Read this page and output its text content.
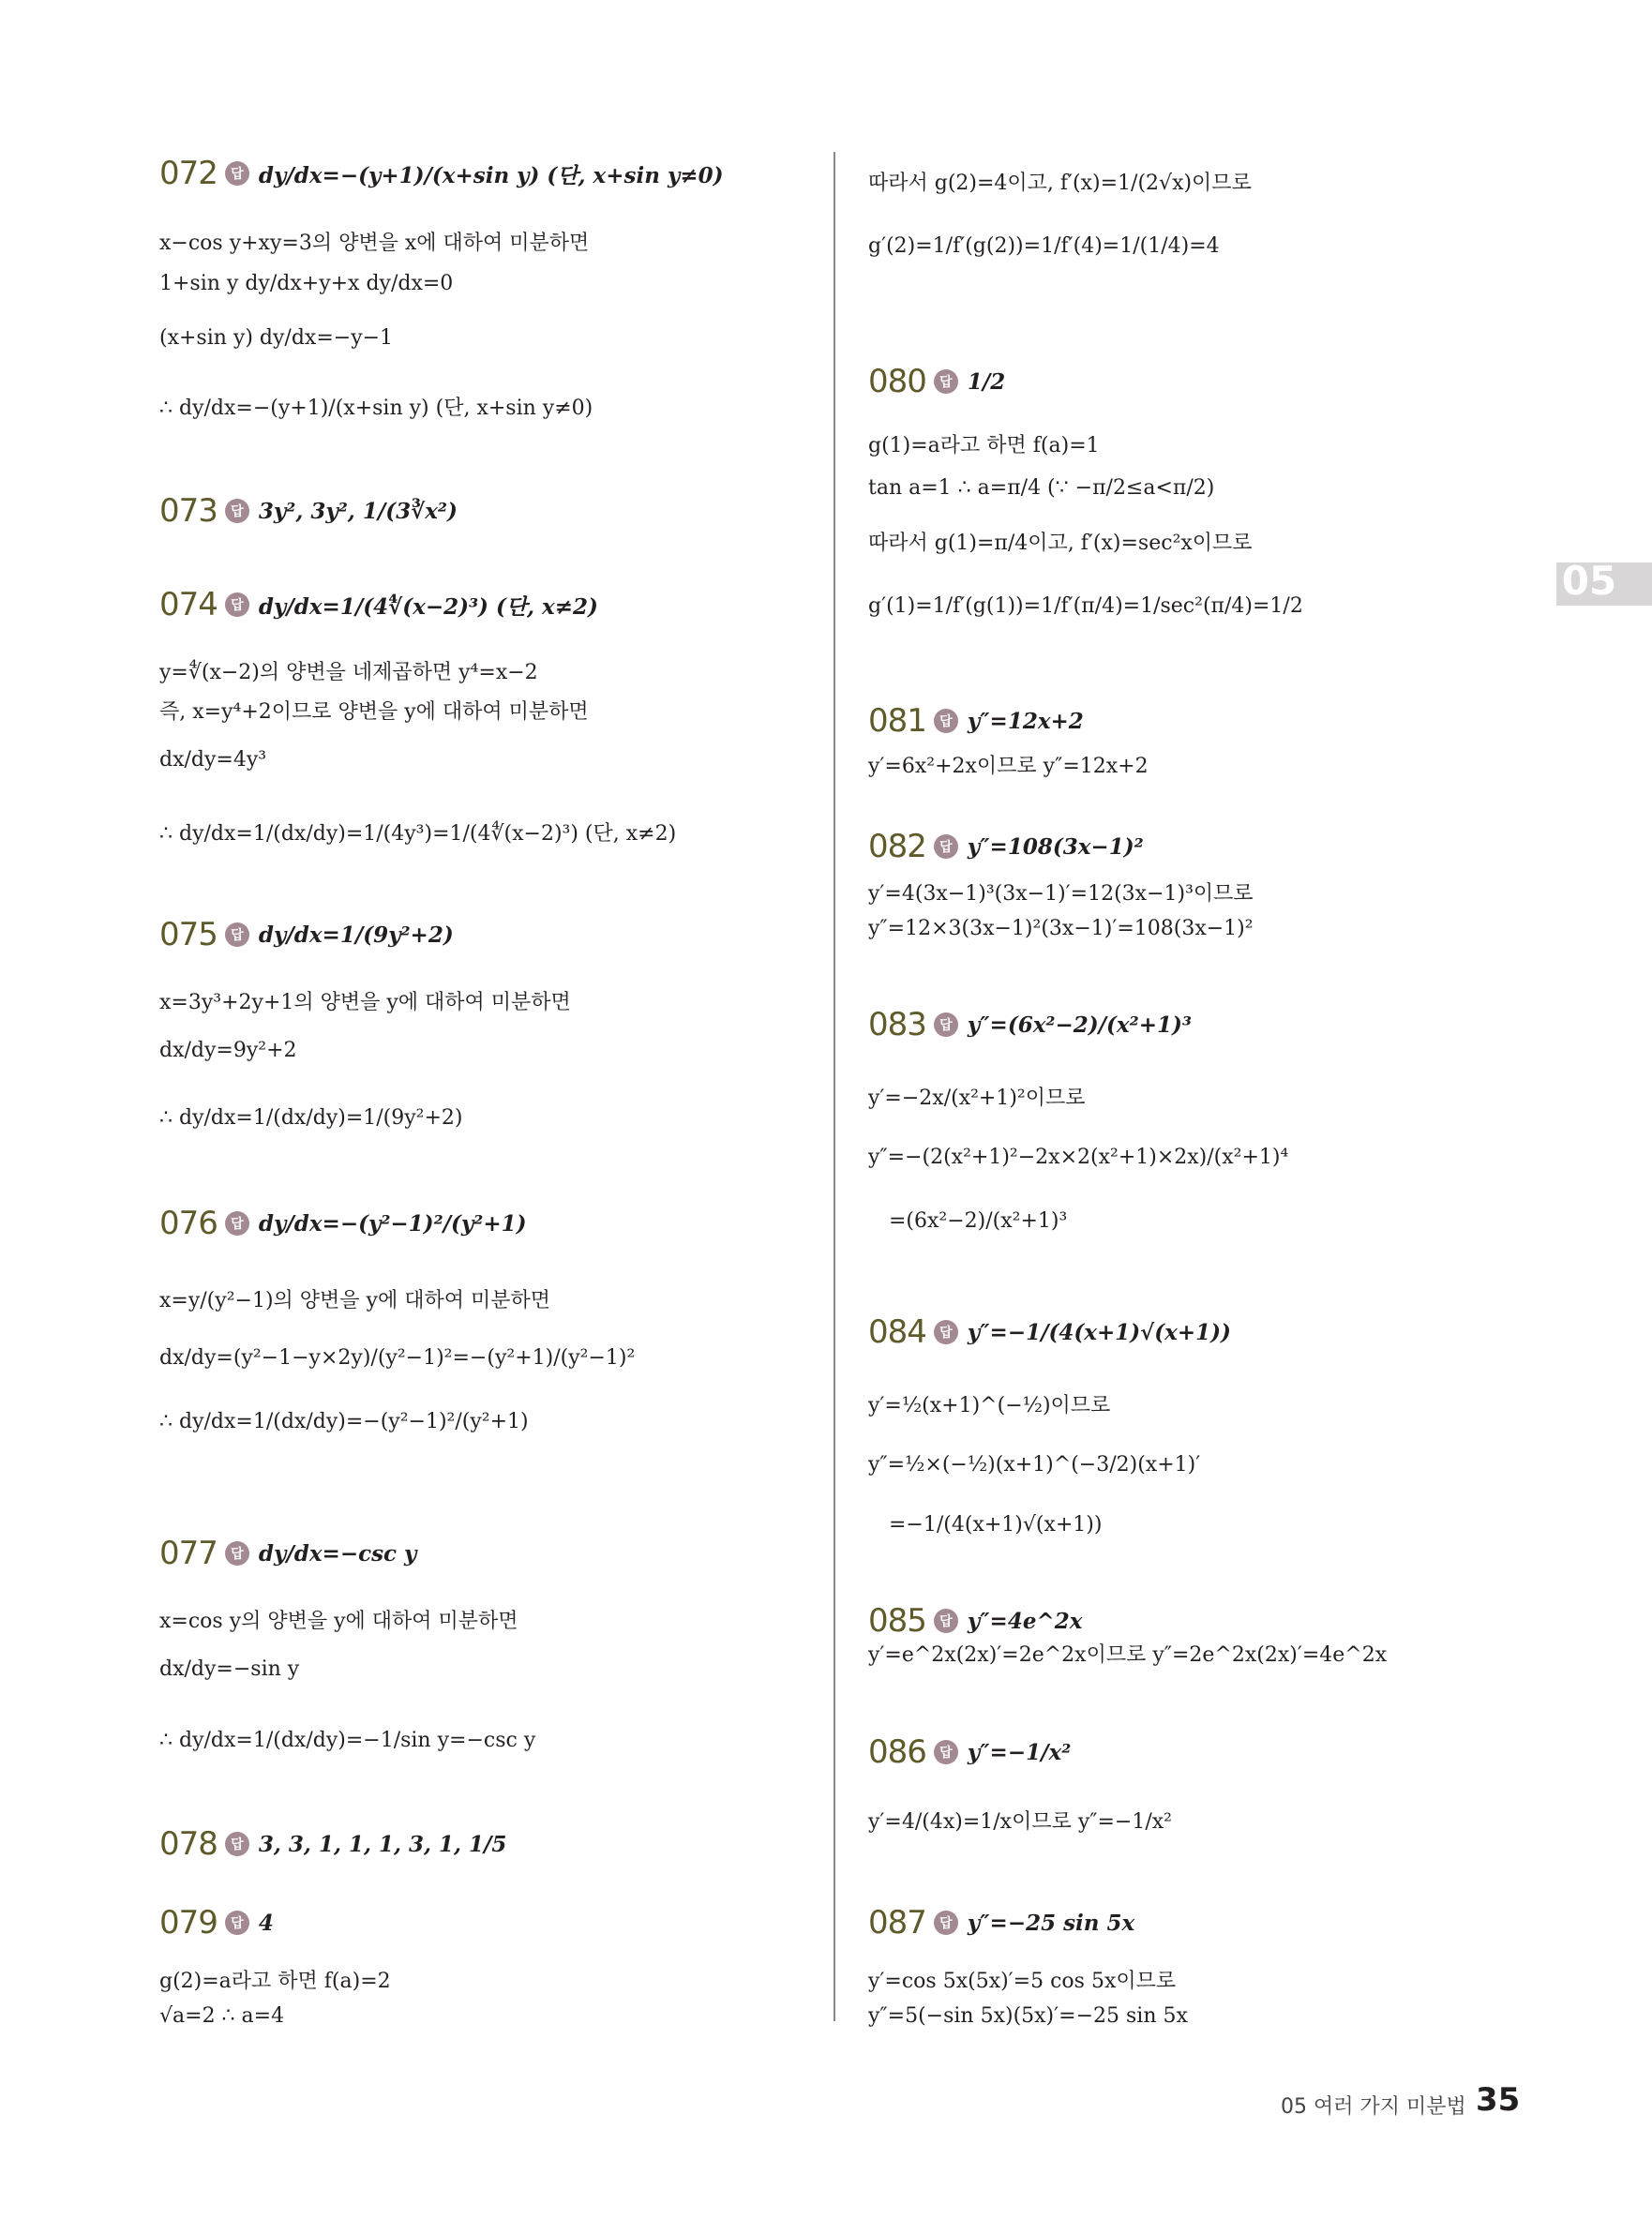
05
072	답 dy/dx=−(y+1)/(x+sin y) (단, x+sin y≠0)
x−cos y+xy=3의 양변을 x에 대하여 미분하면
1+sin y dy/dx+y+x dy/dx=0
(x+sin y) dy/dx=−y−1
∴ dy/dx=−(y+1)/(x+sin y) (단, x+sin y≠0)
073	답 3y², 3y², 1/(3∛x²)
074	답 dy/dx=1/(4∜(x−2)³) (단, x≠2)
y=∜(x−2)의 양변을 네제곱하면 y⁴=x−2
즉, x=y⁴+2이므로 양변을 y에 대하여 미분하면
dx/dy=4y³
∴ dy/dx=1/(dx/dy)=1/(4y³)=1/(4∜(x−2)³) (단, x≠2)
075	답 dy/dx=1/(9y²+2)
x=3y³+2y+1의 양변을 y에 대하여 미분하면
dx/dy=9y²+2
∴ dy/dx=1/(dx/dy)=1/(9y²+2)
076	답 dy/dx=−(y²−1)²/(y²+1)
x=y/(y²−1)의 양변을 y에 대하여 미분하면
dx/dy=(y²−1−y×2y)/(y²−1)²=−(y²+1)/(y²−1)²
∴ dy/dx=1/(dx/dy)=−(y²−1)²/(y²+1)
077	답 dy/dx=−csc y
x=cos y의 양변을 y에 대하여 미분하면
dx/dy=−sin y
∴ dy/dx=1/(dx/dy)=−1/sin y=−csc y
078	답 3, 3, 1, 1, 1, 3, 1, 1/5
079	답 4
g(2)=a라고 하면 f(a)=2
√a=2 ∴ a=4
따라서 g(2)=4이고, f′(x)=1/(2√x)이므로
g′(2)=1/f′(g(2))=1/f′(4)=1/(1/4)=4
080	답 1/2
g(1)=a라고 하면 f(a)=1
tan a=1 ∴ a=π/4 (∵ −π/2≤a<π/2)
따라서 g(1)=π/4이고, f′(x)=sec²x이므로
g′(1)=1/f′(g(1))=1/f′(π/4)=1/sec²(π/4)=1/2
081	답 y″=12x+2
y′=6x²+2x이므로 y″=12x+2
082	답 y″=108(3x−1)²
y′=4(3x−1)³(3x−1)′=12(3x−1)³이므로
y″=12×3(3x−1)²(3x−1)′=108(3x−1)²
083	답 y″=(6x²−2)/(x²+1)³
y′=−2x/(x²+1)²이므로
y″=−(2(x²+1)²−2x×2(x²+1)×2x)/(x²+1)⁴
=(6x²−2)/(x²+1)³
084	답 y″=−1/(4(x+1)√(x+1))
y′=½(x+1)^(−½)이므로
y″=½×(−½)(x+1)^(−3/2)(x+1)′
=−1/(4(x+1)√(x+1))
085	답 y″=4e^2x
y′=e^2x(2x)′=2e^2x이므로 y″=2e^2x(2x)′=4e^2x
086	답 y″=−1/x²
y′=4/(4x)=1/x이므로 y″=−1/x²
087	답 y″=−25 sin 5x
y′=cos 5x(5x)′=5 cos 5x이므로
y″=5(−sin 5x)(5x)′=−25 sin 5x
05 여러 가지 미분법 35
